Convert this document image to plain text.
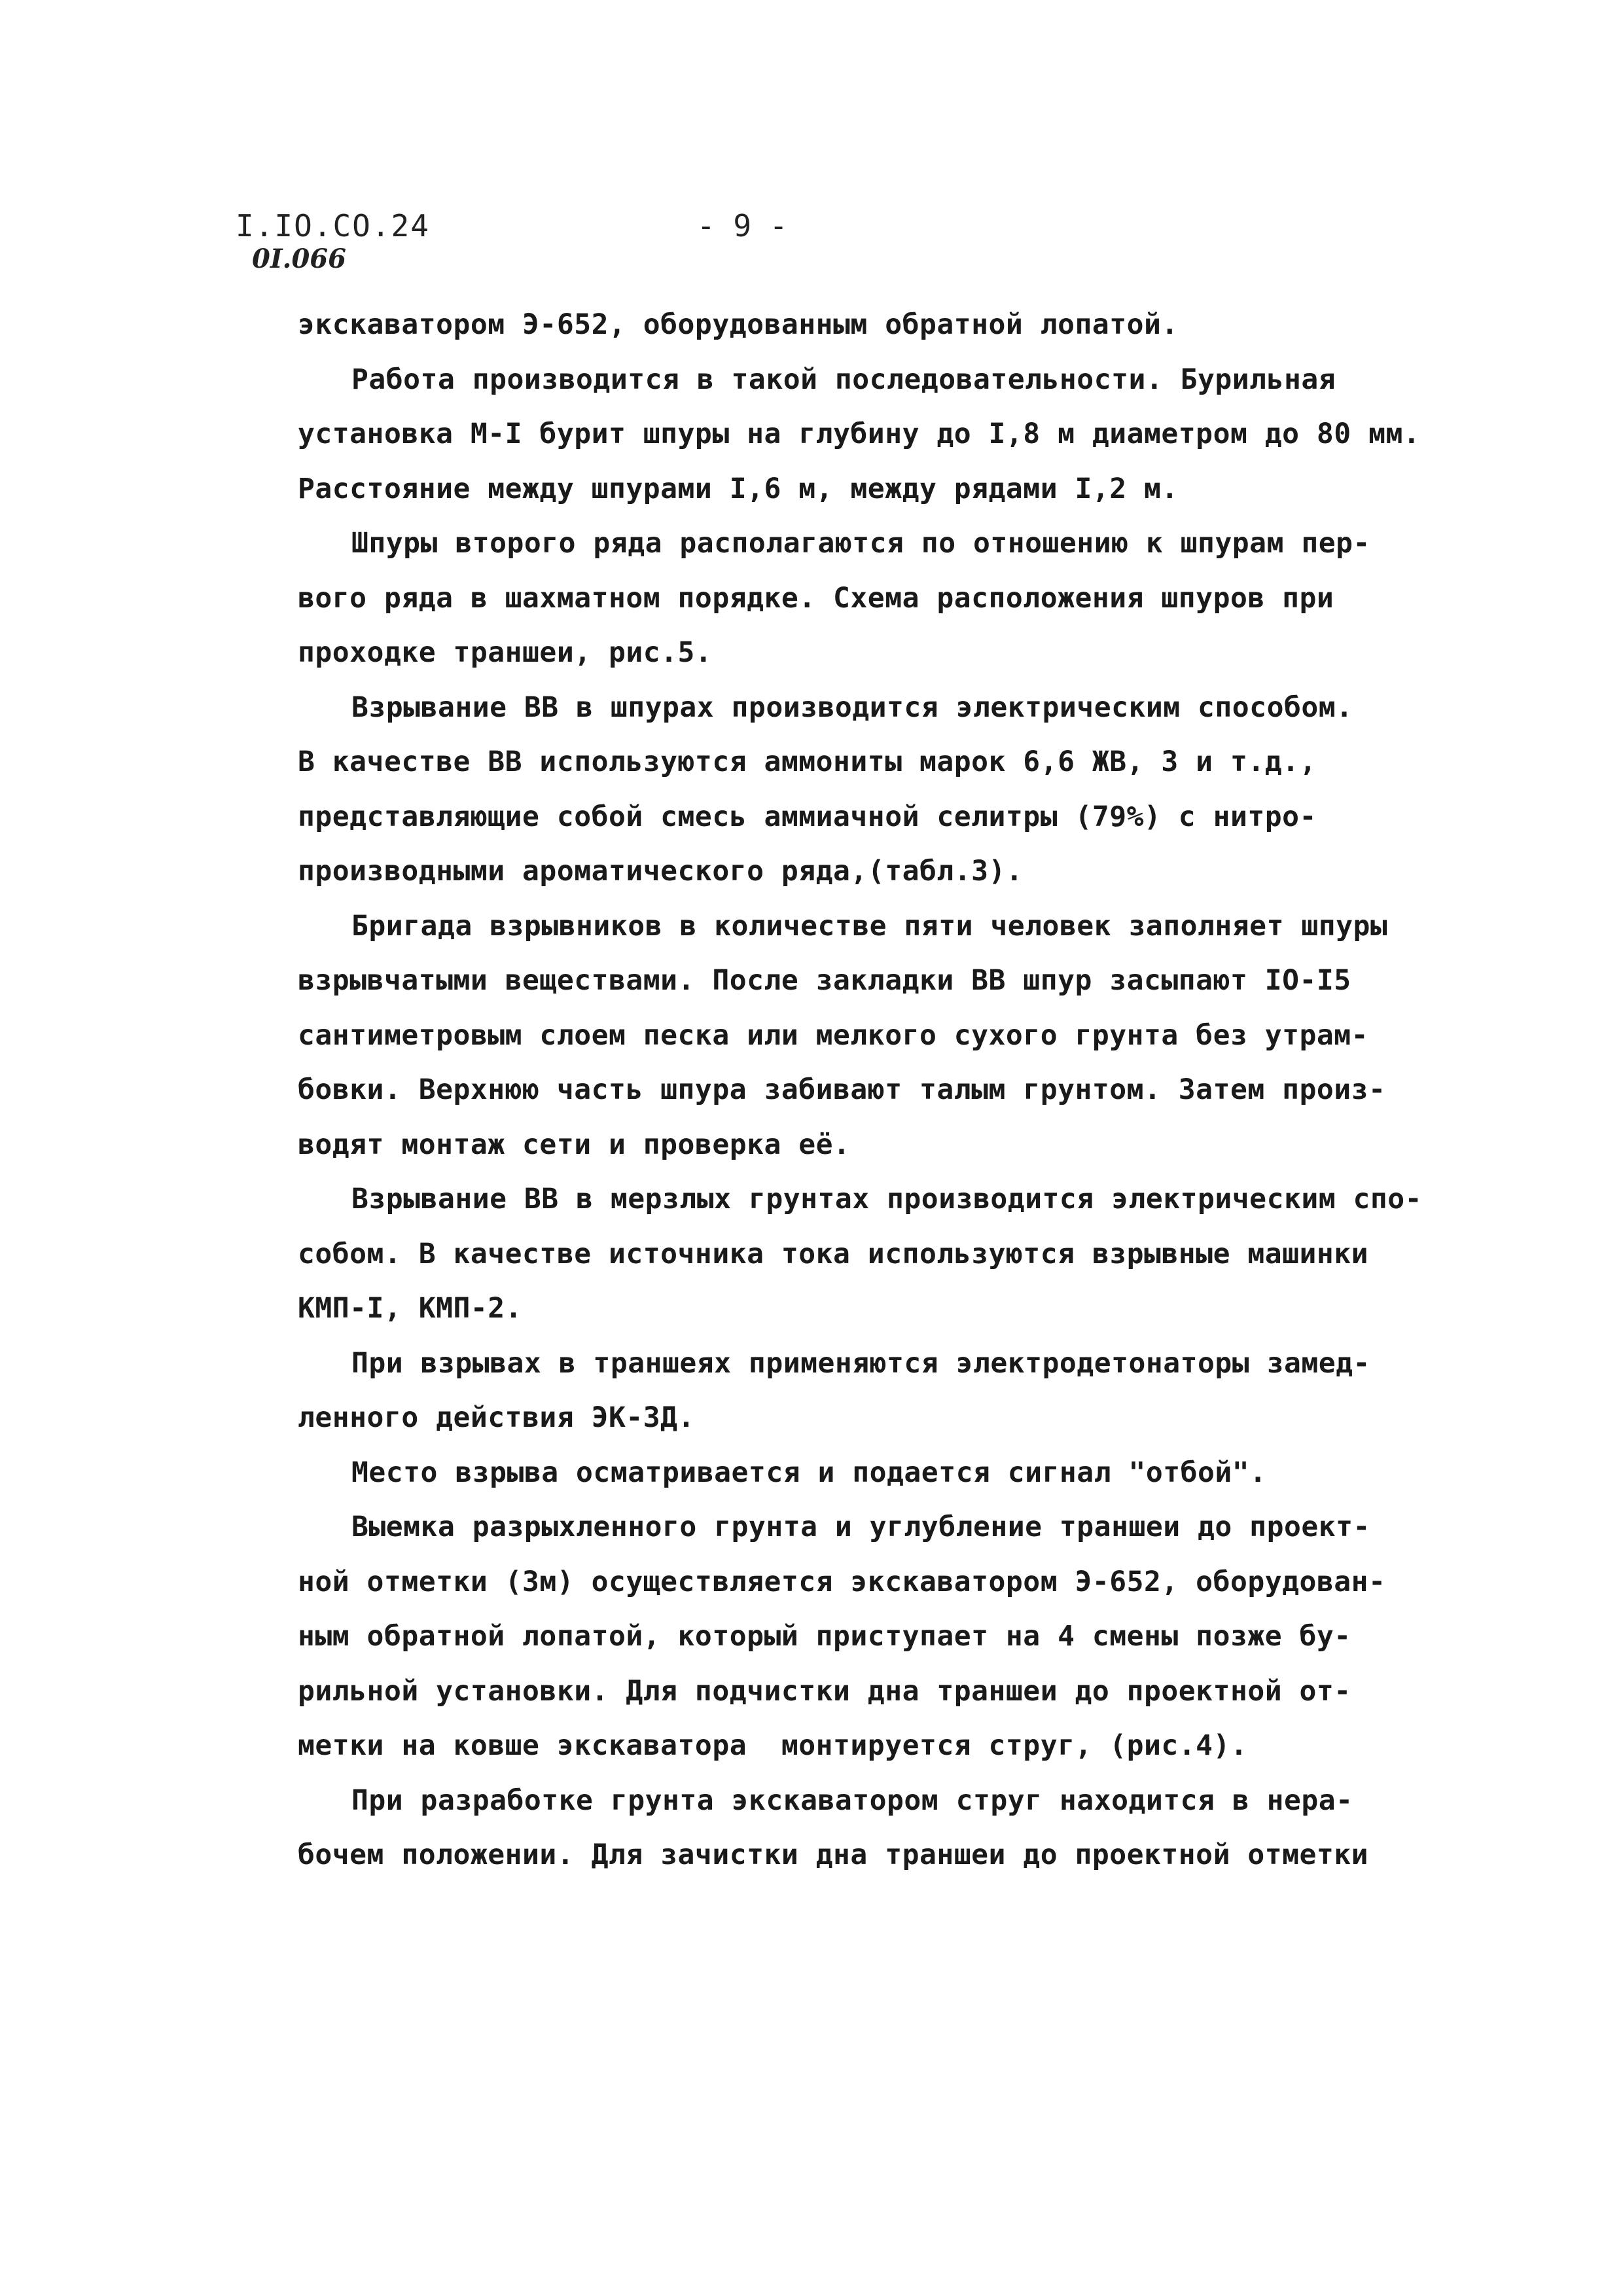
I.IO.CO.24
0I.066
- 9 -
экскаватором Э-652, оборудованным обратной лопатой.
Работа производится в такой последовательности. Бурильная
установка М-I бурит шпуры на глубину до I,8 м диаметром до 80 мм.
Расстояние между шпурами I,6 м, между рядами I,2 м.
Шпуры второго ряда располагаются по отношению к шпурам пер-
вого ряда в шахматном порядке. Схема расположения шпуров при
проходке траншеи, рис.5.
Взрывание ВВ в шпурах производится электрическим способом.
В качестве ВВ используются аммониты марок 6,6 ЖВ, З и т.д.,
представляющие собой смесь аммиачной селитры (79%) с нитро-
производными ароматического ряда,(табл.3).
Бригада взрывников в количестве пяти человек заполняет шпуры
взрывчатыми веществами. После закладки ВВ шпур засыпают IO-I5
сантиметровым слоем песка или мелкого сухого грунта без утрам-
бовки. Верхнюю часть шпура забивают талым грунтом. Затем произ-
водят монтаж сети и проверка её.
Взрывание ВВ в мерзлых грунтах производится электрическим спо-
собом. В качестве источника тока используются взрывные машинки
КМП-I, КМП-2.
При взрывах в траншеях применяются электродетонаторы замед-
ленного действия ЭК-ЗД.
Место взрыва осматривается и подается сигнал "отбой".
Выемка разрыхленного грунта и углубление траншеи до проект-
ной отметки (3м) осуществляется экскаватором Э-652, оборудован-
ным обратной лопатой, который приступает на 4 смены позже бу-
рильной установки. Для подчистки дна траншеи до проектной от-
метки на ковше экскаватора  монтируется струг, (рис.4).
При разработке грунта экскаватором струг находится в нера-
бочем положении. Для зачистки дна траншеи до проектной отметки
